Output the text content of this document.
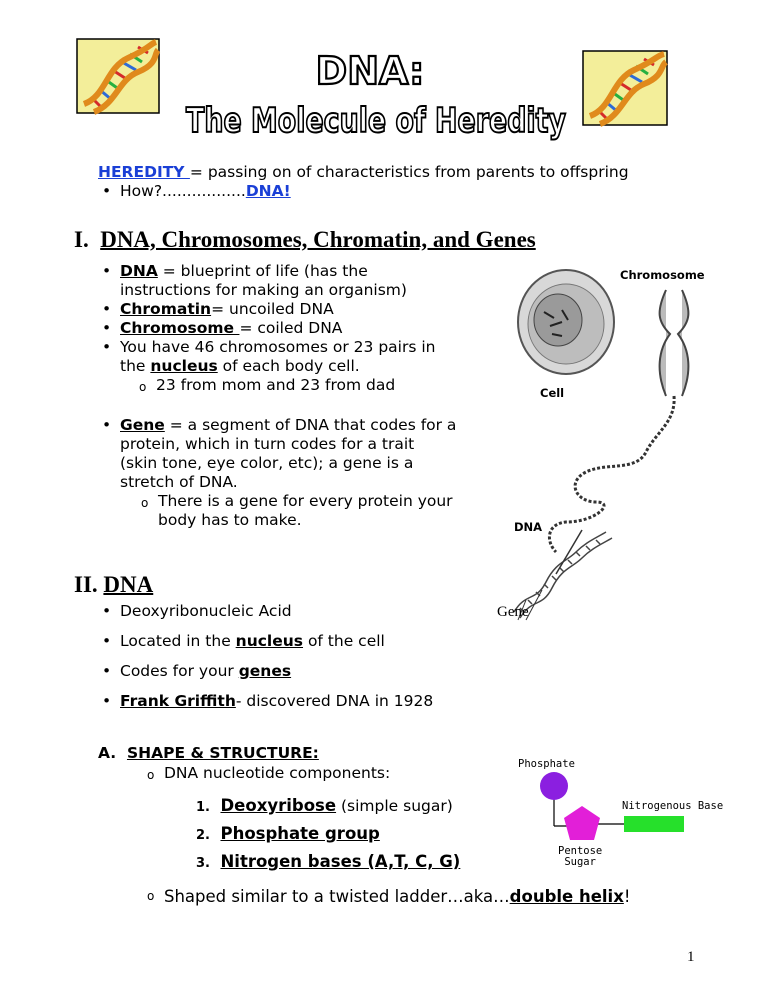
DNA:
The Molecule of Heredity
HEREDITY = passing on of characteristics from parents to offspring
• How?.................DNA!
I. DNA, Chromosomes, Chromatin, and Genes
• DNA = blueprint of life (has the
instructions for making an organism)
• Chromatin= uncoiled DNA
• Chromosome = coiled DNA
• You have 46 chromosomes or 23 pairs in
the nucleus of each body cell.
o 23 from mom and 23 from dad
• Gene = a segment of DNA that codes for a
protein, which in turn codes for a trait
(skin tone, eye color, etc); a gene is a
stretch of DNA.
o There is a gene for every protein your
body has to make.
Chromosome
Cell
DNA
Gene
II. DNA
• Deoxyribonucleic Acid
• Located in the nucleus of the cell
• Codes for your genes
• Frank Griffith- discovered DNA in 1928
A. SHAPE & STRUCTURE:
o DNA nucleotide components:
1. Deoxyribose (simple sugar)
2. Phosphate group
3. Nitrogen bases (A,T, C, G)
o Shaped similar to a twisted ladder…aka…double helix!
Phosphate
Nitrogenous Base
Pentose
Sugar
1
